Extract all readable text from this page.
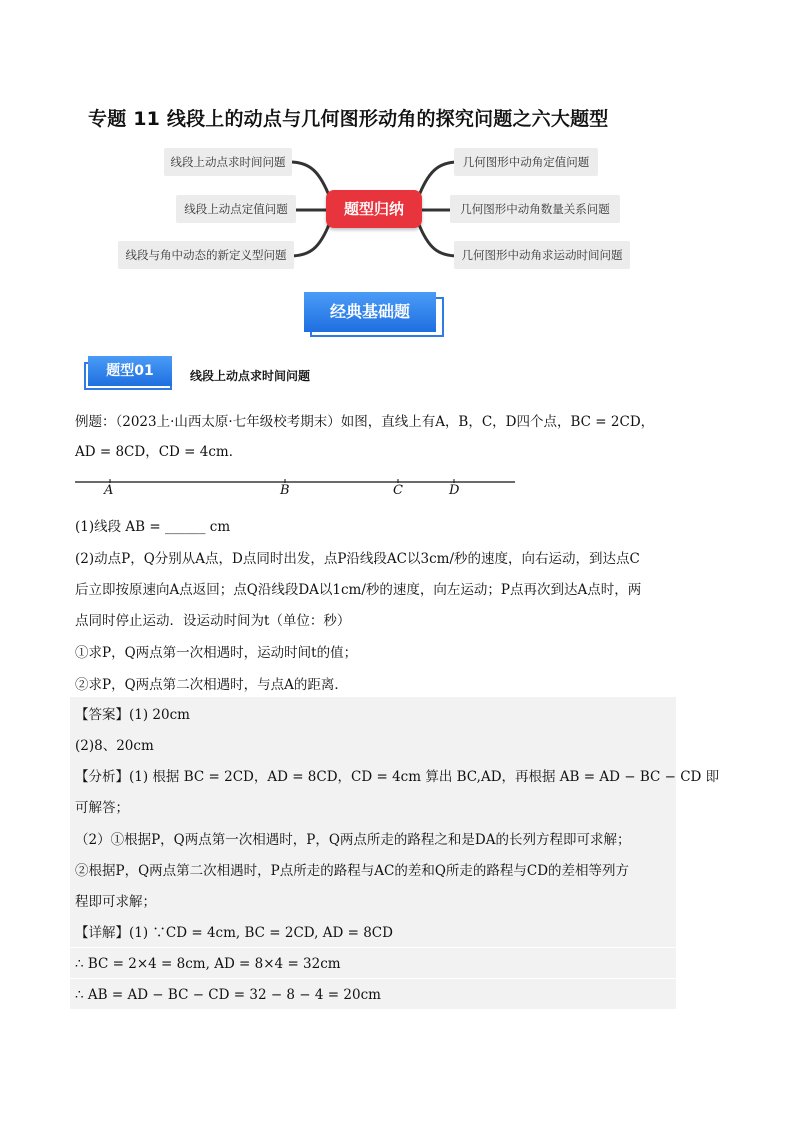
专题 11 线段上的动点与几何图形动角的探究问题之六大题型
线段上动点求时间问题
线段上动点定值问题
线段与角中动态的新定义型问题
几何图形中动角定值问题
几何图形中动角数量关系问题
几何图形中动角求运动时间问题
题型归纳
经典基础题
题型01	线段上动点求时间问题
例题：（2023上·山西太原·七年级校考期末）如图，直线上有A，B，C，D四个点，BC = 2CD，
AD = 8CD，CD = 4cm．
A	B	C	D
(1)线段 AB = ______ cm
(2)动点P，Q分别从A点，D点同时出发，点P沿线段AC以3cm/秒的速度，向右运动，到达点C
后立即按原速向A点返回；点Q沿线段DA以1cm/秒的速度，向左运动；P点再次到达A点时，两
点同时停止运动．设运动时间为t（单位：秒）
①求P，Q两点第一次相遇时，运动时间t的值；
②求P，Q两点第二次相遇时，与点A的距离．
【答案】(1) 20cm
(2)8、20cm
【分析】(1) 根据 BC = 2CD，AD = 8CD，CD = 4cm 算出 BC,AD，再根据 AB = AD − BC − CD 即
可解答；
（2）①根据P，Q两点第一次相遇时，P，Q两点所走的路程之和是DA的长列方程即可求解；
②根据P，Q两点第二次相遇时，P点所走的路程与AC的差和Q所走的路程与CD的差相等列方
程即可求解；
【详解】(1) ∵CD = 4cm, BC = 2CD, AD = 8CD
∴ BC = 2×4 = 8cm, AD = 8×4 = 32cm
∴ AB = AD − BC − CD = 32 − 8 − 4 = 20cm
